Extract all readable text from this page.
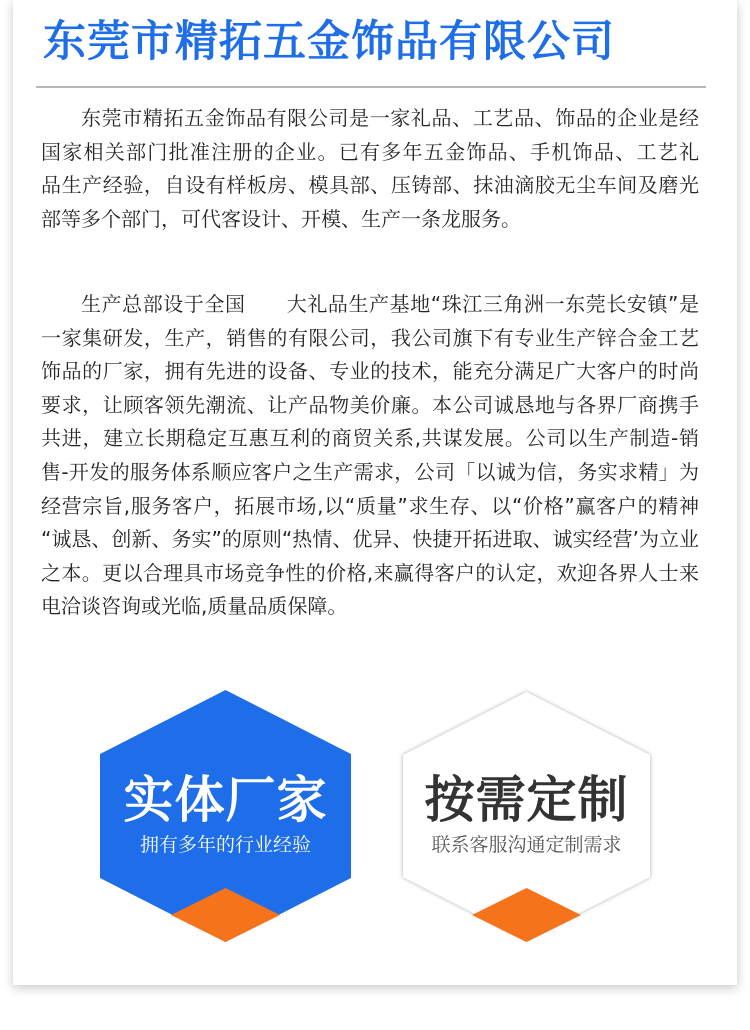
东莞市精拓五金饰品有限公司

东莞市精拓五金饰品有限公司是一家礼品、工艺品、饰品的企业是经国家相关部门批准注册的企业。已有多年五金饰品、手机饰品、工艺礼　品生产经验，自设有样板房、模具部、压铸部、抹油滴胶无尘车间及磨光部等多个部门，可代客设计、开模、生产一条龙服务。

生产总部设于全国　　大礼品生产基地“珠江三角洲一东莞长安镇”是一家集研发，生产，销售的有限公司，我公司旗下有专业生产锌合金工艺饰品的厂家，拥有先进的设备、专业的技术，能充分满足广大客户的时尚要求，让顾客领先潮流、让产品物美价廉。本公司诚恳地与各界厂商携手共进，建立长期稳定互惠互利的商贸关系,共谋发展。公司以生产制造-销售-开发的服务体系顺应客户之生产需求，公司「以诚为信，务实求精」为经营宗旨,服务客户，拓展市场,以“质量”求生存、以“价格”赢客户的精神 “诚恳、创新、务实”的原则“热情、优异、快捷开拓进取、诚实经营’为立业之本。更以合理具市场竞争性的价格,来赢得客户的认定，欢迎各界人士来电洽谈咨询或光临,质量品质保障。

实体厂家
拥有多年的行业经验
按需定制
联系客服沟通定制需求
